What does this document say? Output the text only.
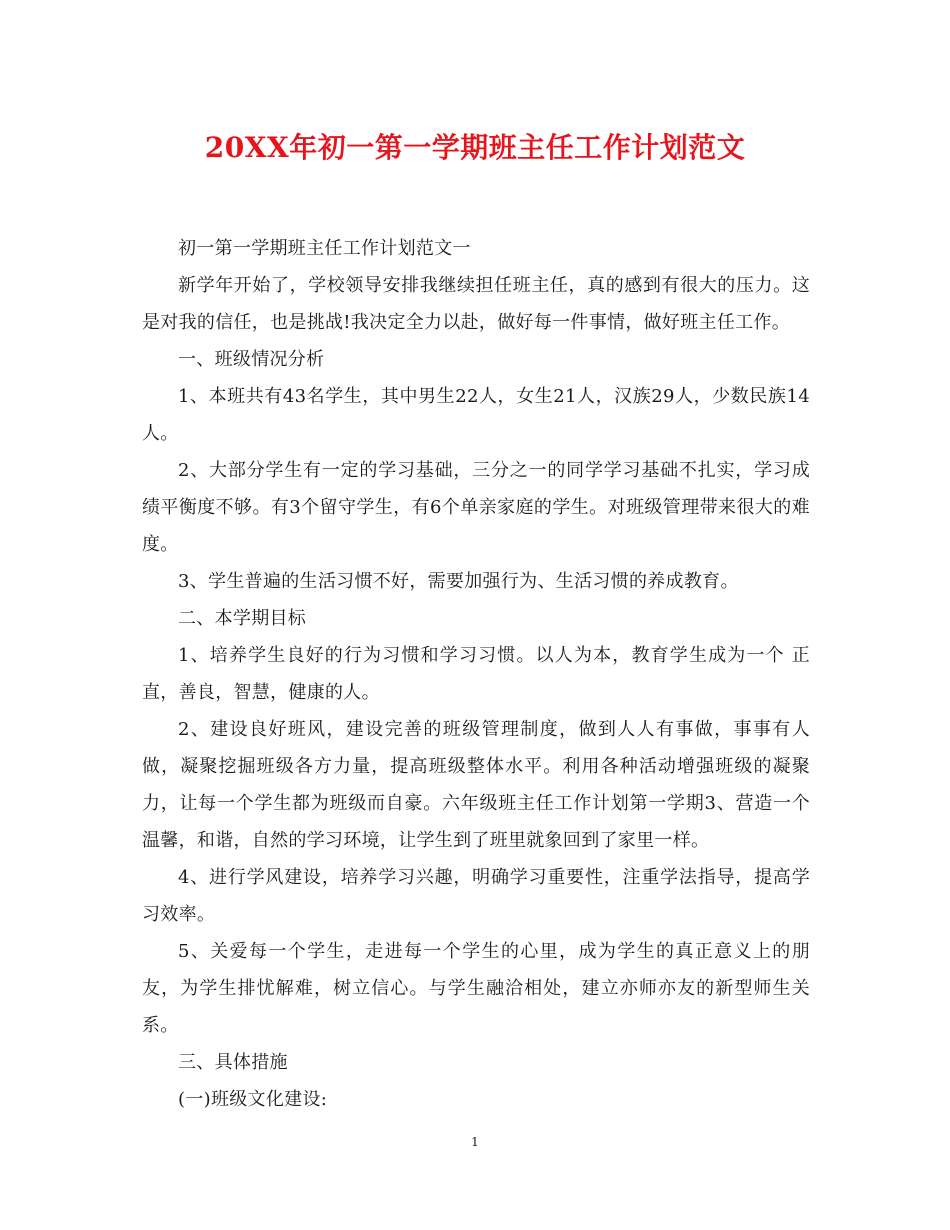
20XX年初一第一学期班主任工作计划范文

初一第一学期班主任工作计划范文一

新学年开始了，学校领导安排我继续担任班主任，真的感到有很大的压力。这是对我的信任，也是挑战!我决定全力以赴，做好每一件事情，做好班主任工作。

一、班级情况分析

1、本班共有43名学生，其中男生22人，女生21人，汉族29人，少数民族14人。

2、大部分学生有一定的学习基础，三分之一的同学学习基础不扎实，学习成绩平衡度不够。有3个留守学生，有6个单亲家庭的学生。对班级管理带来很大的难度。

3、学生普遍的生活习惯不好，需要加强行为、生活习惯的养成教育。

二、本学期目标

1、培养学生良好的行为习惯和学习习惯。以人为本，教育学生成为一个 正直，善良，智慧，健康的人。

2、建设良好班风，建设完善的班级管理制度，做到人人有事做，事事有人做，凝聚挖掘班级各方力量，提高班级整体水平。利用各种活动增强班级的凝聚力，让每一个学生都为班级而自豪。六年级班主任工作计划第一学期3、营造一个温馨，和谐，自然的学习环境，让学生到了班里就象回到了家里一样。

4、进行学风建设，培养学习兴趣，明确学习重要性，注重学法指导，提高学习效率。

5、关爱每一个学生，走进每一个学生的心里，成为学生的真正意义上的朋友，为学生排忧解难，树立信心。与学生融洽相处，建立亦师亦友的新型师生关系。

三、具体措施

(一)班级文化建设:

1
